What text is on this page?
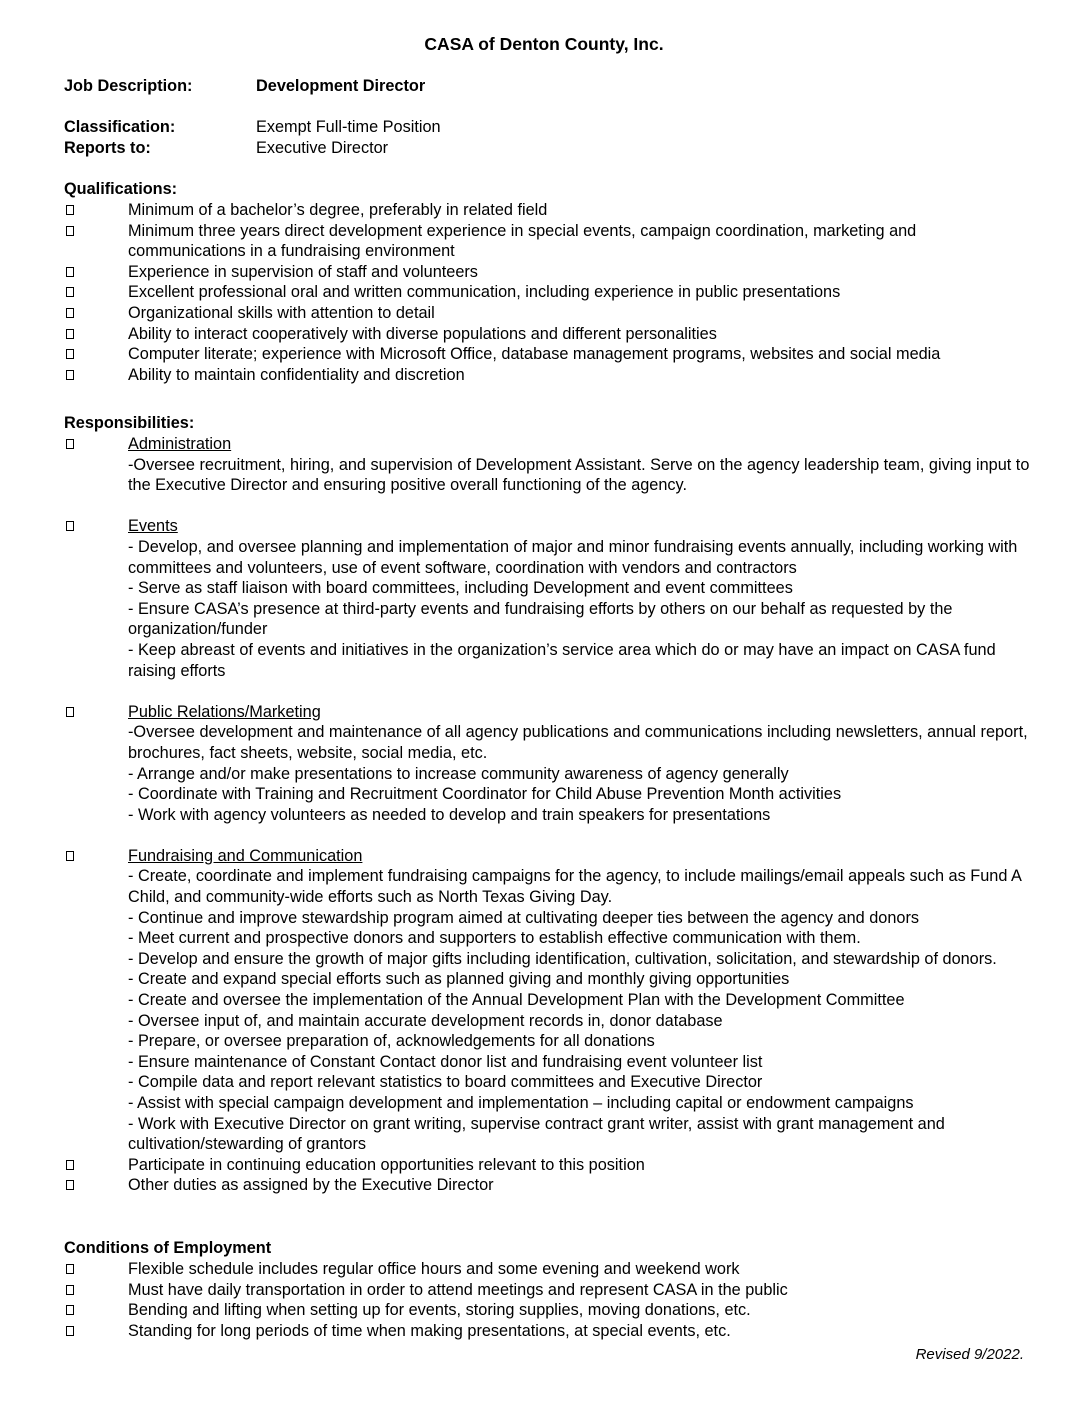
CASA of Denton County, Inc.
Job Description:	Development Director
Classification:	Exempt Full-time Position
Reports to:	Executive Director
Qualifications:
Minimum of a bachelor’s degree, preferably in related field
Minimum three years direct development experience in special events, campaign coordination, marketing and communications in a fundraising environment
Experience in supervision of staff and volunteers
Excellent professional oral and written communication, including experience in public presentations
Organizational skills with attention to detail
Ability to interact cooperatively with diverse populations and different personalities
Computer literate; experience with Microsoft Office, database management programs, websites and social media
Ability to maintain confidentiality and discretion
Responsibilities:
Administration
-Oversee recruitment, hiring, and supervision of Development Assistant. Serve on the agency leadership team, giving input to the Executive Director and ensuring positive overall functioning of the agency.
Events
- Develop, and oversee planning and implementation of major and minor fundraising events annually, including working with committees and volunteers, use of event software, coordination with vendors and contractors
- Serve as staff liaison with board committees, including Development and event committees
- Ensure CASA’s presence at third-party events and fundraising efforts by others on our behalf as requested by the organization/funder
- Keep abreast of events and initiatives in the organization’s service area which do or may have an impact on CASA fund raising efforts
Public Relations/Marketing
-Oversee development and maintenance of all agency publications and communications including newsletters, annual report, brochures, fact sheets, website, social media, etc.
- Arrange and/or make presentations to increase community awareness of agency generally
- Coordinate with Training and Recruitment Coordinator for Child Abuse Prevention Month activities
- Work with agency volunteers as needed to develop and train speakers for presentations
Fundraising and Communication
- Create, coordinate and implement fundraising campaigns for the agency, to include mailings/email appeals such as Fund A Child, and community-wide efforts such as North Texas Giving Day.
- Continue and improve stewardship program aimed at cultivating deeper ties between the agency and donors
- Meet current and prospective donors and supporters to establish effective communication with them.
- Develop and ensure the growth of major gifts including identification, cultivation, solicitation, and stewardship of donors.
- Create and expand special efforts such as planned giving and monthly giving opportunities
- Create and oversee the implementation of the Annual Development Plan with the Development Committee
- Oversee input of, and maintain accurate development records in, donor database
- Prepare, or oversee preparation of, acknowledgements for all donations
- Ensure maintenance of Constant Contact donor list and fundraising event volunteer list
- Compile data and report relevant statistics to board committees and Executive Director
- Assist with special campaign development and implementation – including capital or endowment campaigns
- Work with Executive Director on grant writing, supervise contract grant writer, assist with grant management and cultivation/stewarding of grantors
Participate in continuing education opportunities relevant to this position
Other duties as assigned by the Executive Director
Conditions of Employment
Flexible schedule includes regular office hours and some evening and weekend work
Must have daily transportation in order to attend meetings and represent CASA in the public
Bending and lifting when setting up for events, storing supplies, moving donations, etc.
Standing for long periods of time when making presentations, at special events, etc.
Revised 9/2022.
